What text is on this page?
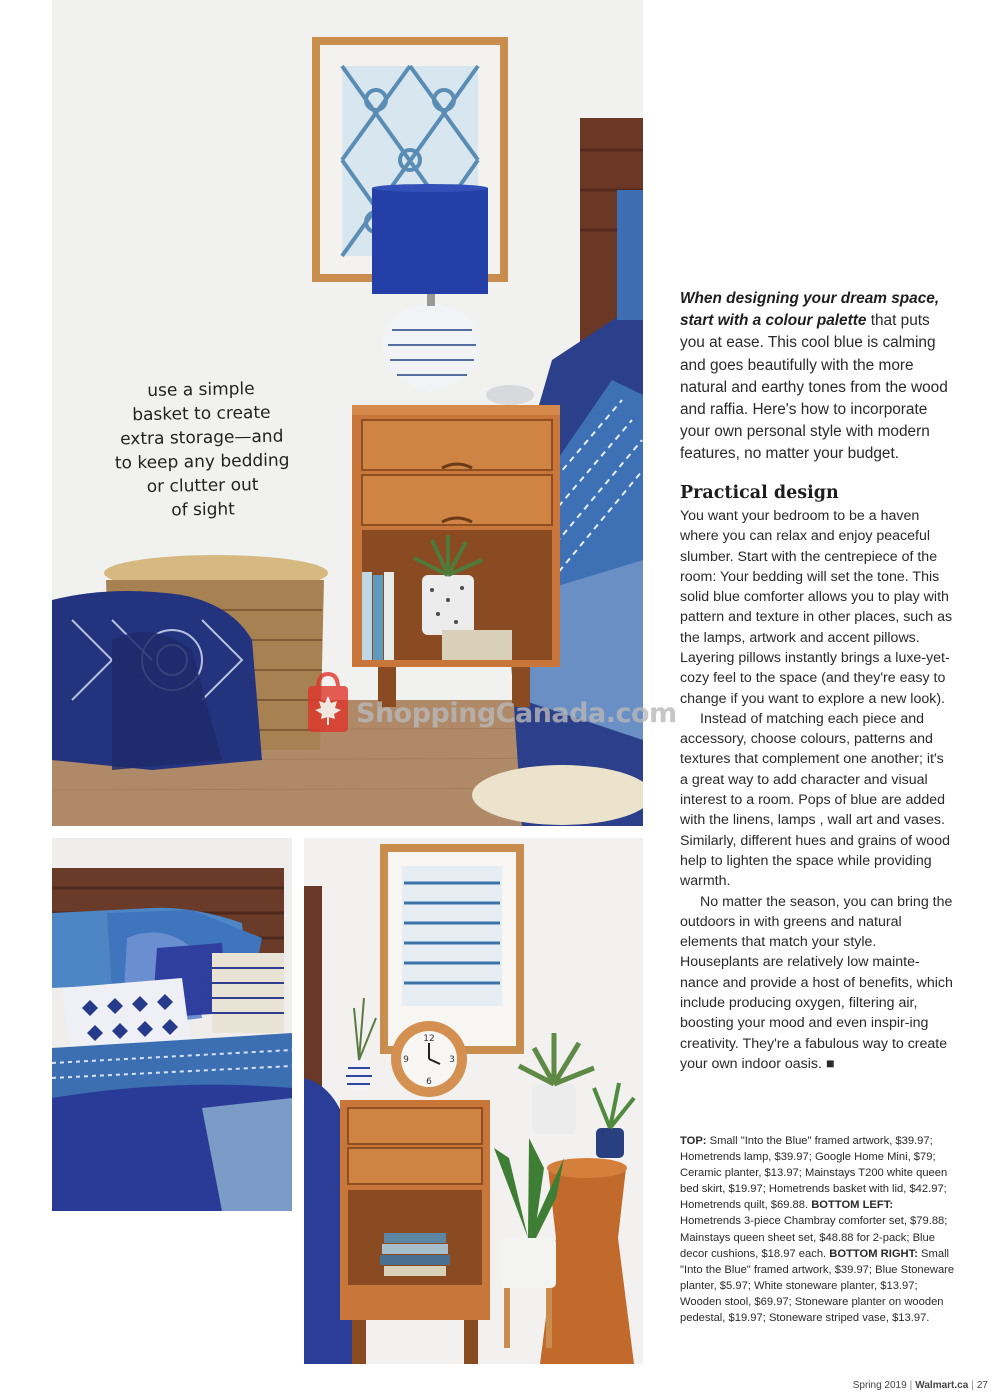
use a simple
basket to create
extra storage—and
to keep any bedding
or clutter out
of sight
12
3
6
9
ShoppingCanada.com

When designing your dream space, start with a colour palette that puts you at ease. This cool blue is calming and goes beautifully with the more natural and earthy tones from the wood and raffia. Here's how to incorporate your own personal style with modern features, no matter your budget.

Practical design

You want your bedroom to be a haven where you can relax and enjoy peaceful slumber. Start with the centrepiece of the room: Your bedding will set the tone. This solid blue comforter allows you to play with pattern and texture in other places, such as the lamps, artwork and accent pillows. Layering pillows instantly brings a luxe-yet-cozy feel to the space (and they're easy to change if you want to explore a new look).

Instead of matching each piece and accessory, choose colours, patterns and textures that complement one another; it's a great way to add character and visual interest to a room. Pops of blue are added with the linens, lamps , wall art and vases. Similarly, different hues and grains of wood help to lighten the space while providing warmth.

No matter the season, you can bring the outdoors in with greens and natural elements that match your style. Houseplants are relatively low mainte-nance and provide a host of benefits, which include producing oxygen, filtering air, boosting your mood and even inspir-ing creativity. They're a fabulous way to create your own indoor oasis. ■

TOP: Small "Into the Blue" framed artwork, $39.97; Hometrends lamp, $39.97; Google Home Mini, $79; Ceramic planter, $13.97; Mainstays T200 white queen bed skirt, $19.97; Hometrends basket with lid, $42.97; Hometrends quilt, $69.88. BOTTOM LEFT: Hometrends 3-piece Chambray comforter set, $79.88; Mainstays queen sheet set, $48.88 for 2-pack; Blue decor cushions, $18.97 each. BOTTOM RIGHT: Small "Into the Blue" framed artwork, $39.97; Blue Stoneware planter, $5.97; White stoneware planter, $13.97; Wooden stool, $69.97; Stoneware planter on wooden pedestal, $19.97; Stoneware striped vase, $13.97.
Spring 2019 | Walmart.ca | 27
